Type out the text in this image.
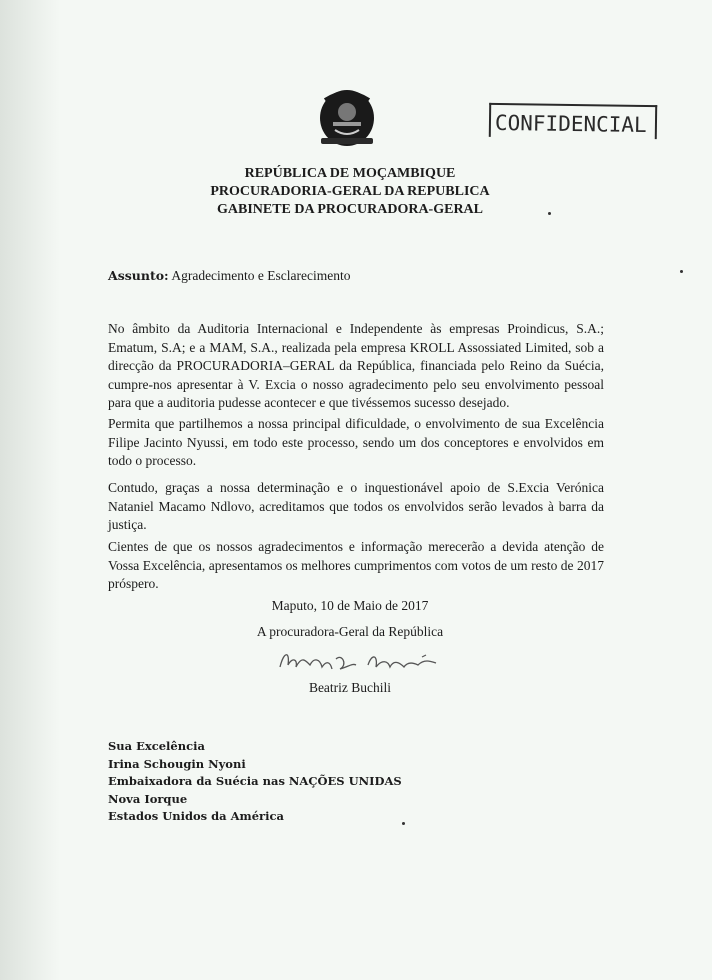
CONFIDENCIAL
REPÚBLICA DE MOÇAMBIQUE
PROCURADORIA-GERAL DA REPUBLICA
GABINETE DA PROCURADORA-GERAL
Assunto: Agradecimento e Esclarecimento

No âmbito da Auditoria Internacional e Independente às empresas Proindicus, S.A.; Ematum, S.A; e a MAM, S.A., realizada pela empresa KROLL Assossiated Limited, sob a direcção da PROCURADORIA–GERAL da República, financiada pelo Reino da Suécia, cumpre-nos apresentar à V. Excia o nosso agradecimento pelo seu envolvimento pessoal para que a auditoria pudesse acontecer e que tivéssemos sucesso desejado.

Permita que partilhemos a nossa principal dificuldade, o envolvimento de sua Excelência Filipe Jacinto Nyussi, em todo este processo, sendo um dos conceptores e envolvidos em todo o processo.

Contudo, graças a nossa determinação e o inquestionável apoio de S.Excia Verónica Nataniel Macamo Ndlovo, acreditamos que todos os envolvidos serão levados à barra da justiça.

Cientes de que os nossos agradecimentos e informação merecerão a devida atenção de Vossa Excelência, apresentamos os melhores cumprimentos com votos de um resto de 2017 próspero.

Maputo, 10 de Maio de 2017
A procuradora-Geral da República
Beatriz Buchili
Sua Excelência
Irina Schougin Nyoni
Embaixadora da Suécia nas NAÇÕES UNIDAS
Nova Iorque
Estados Unidos da América
